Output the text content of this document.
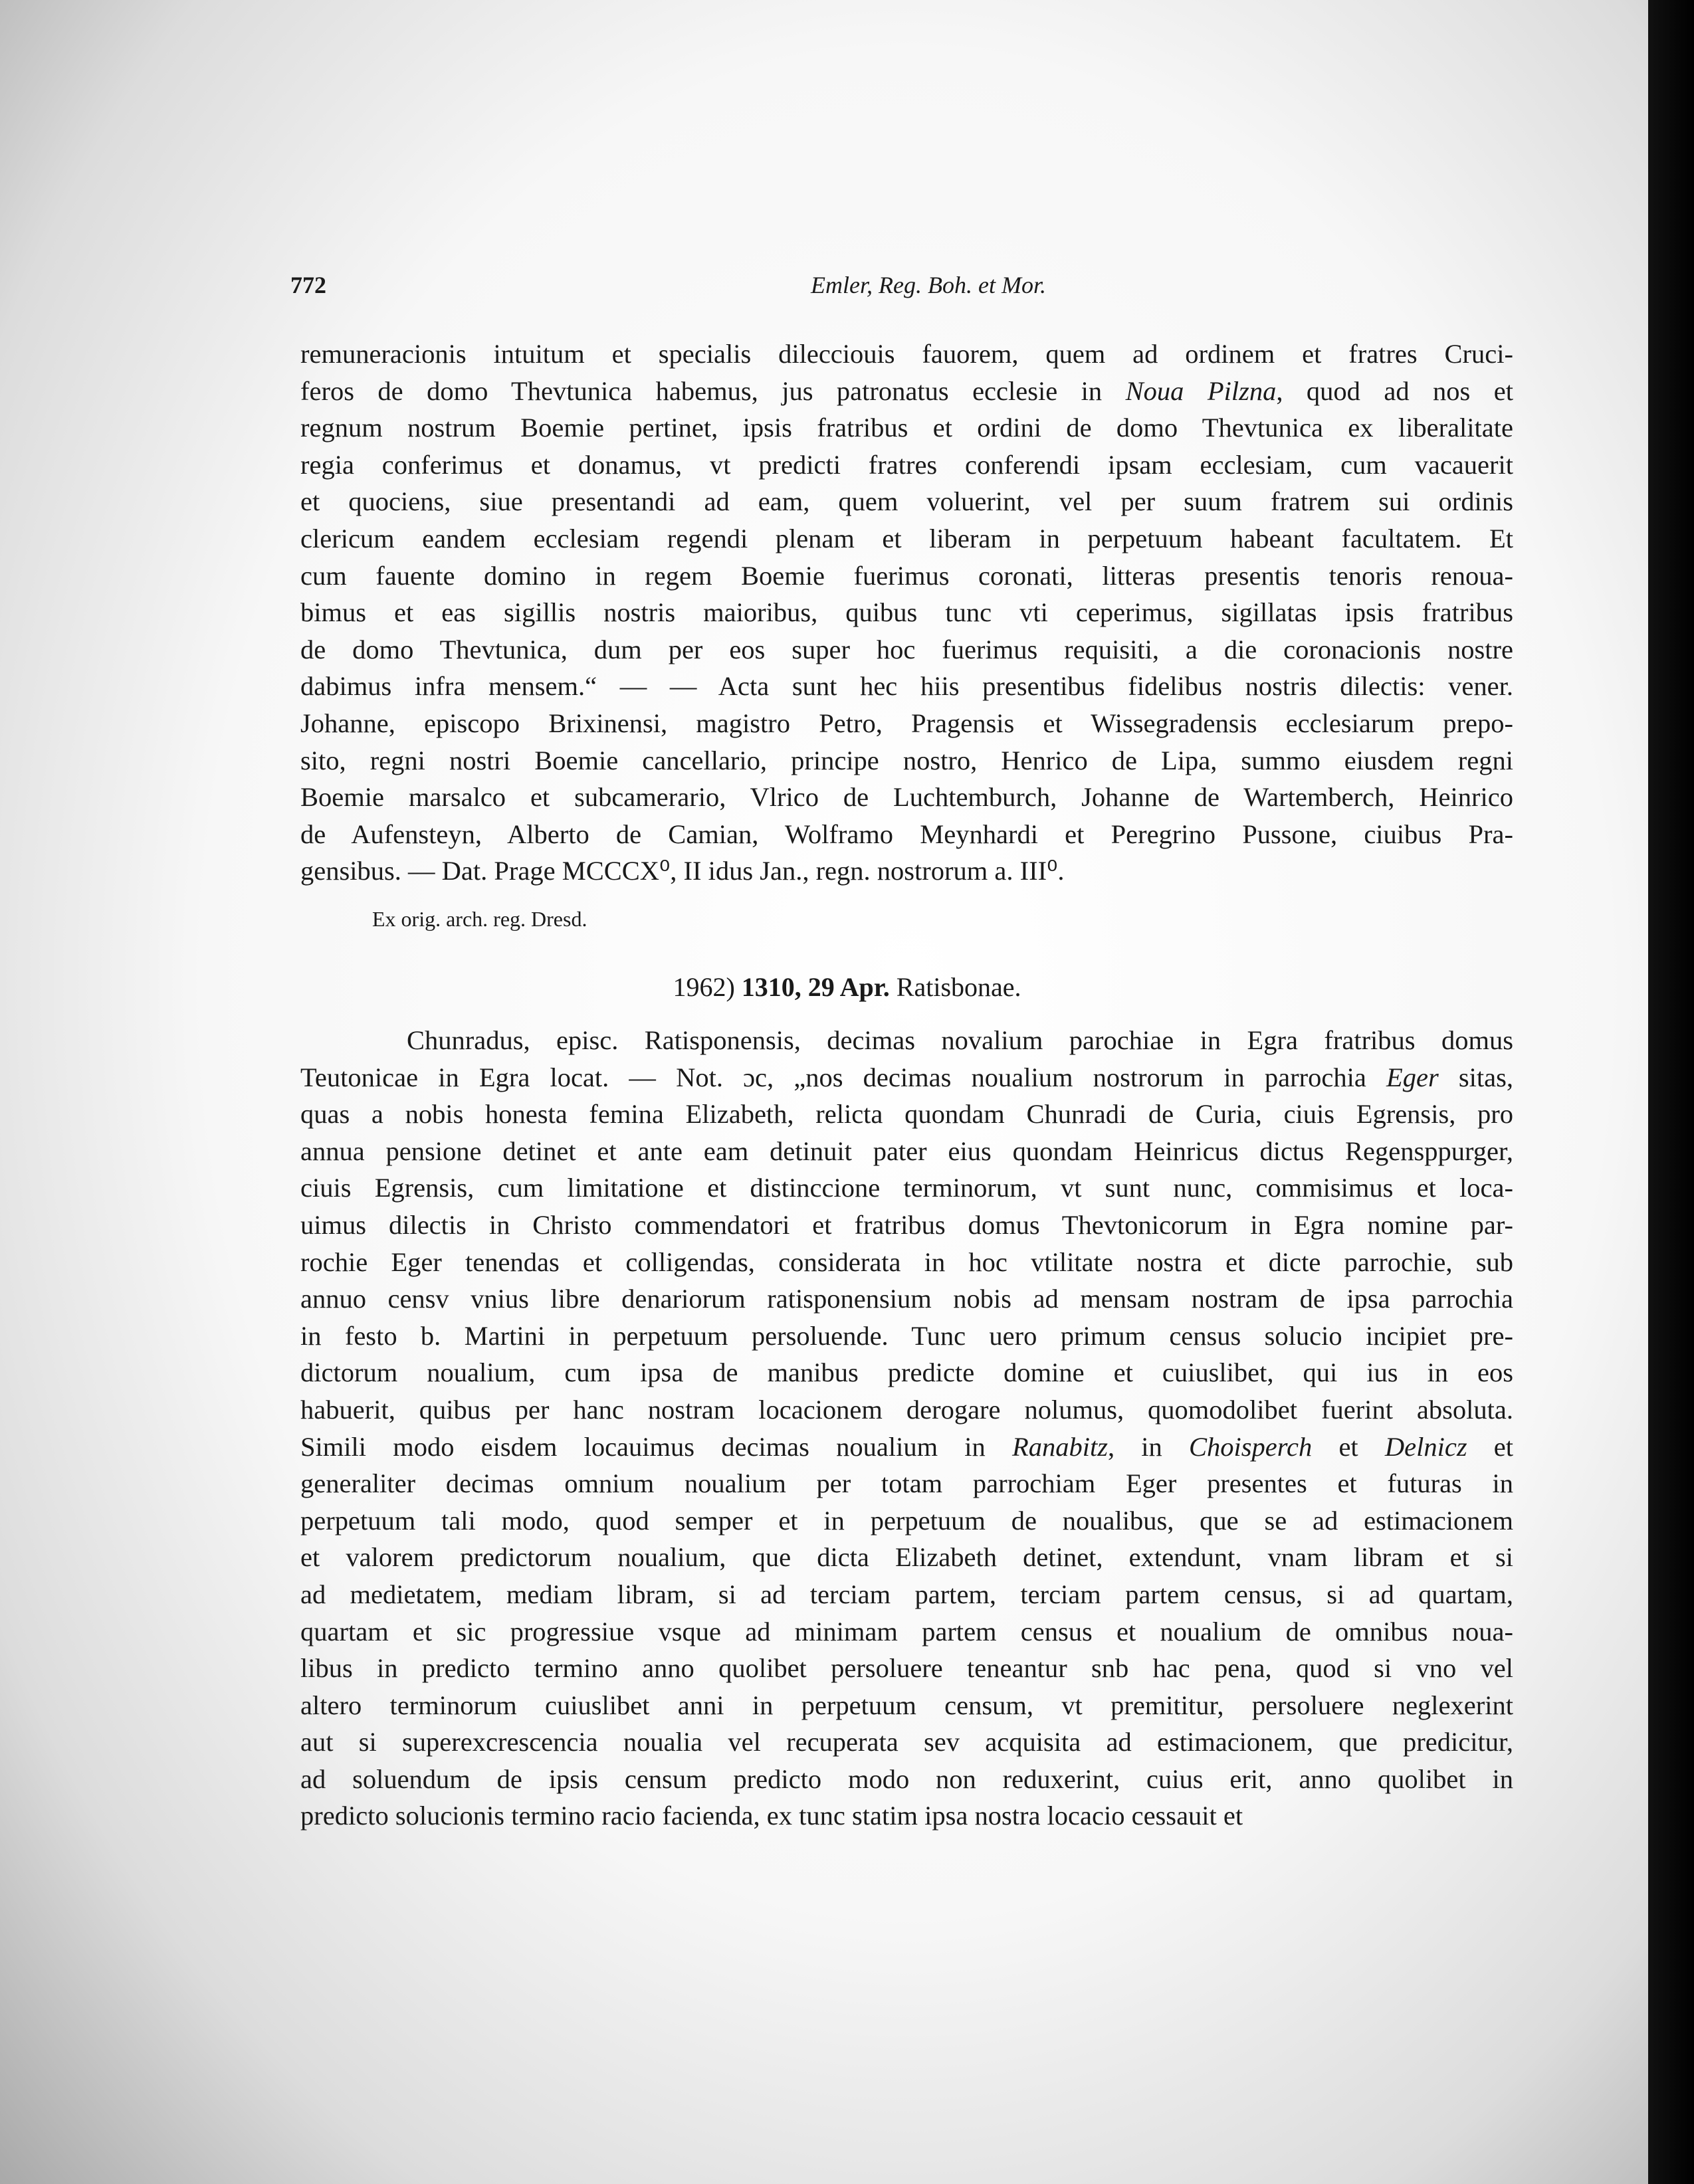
772	Emler, Reg. Boh. et Mor.
remuneracionis intuitum et specialis dilecciouis fauorem, quem ad ordinem et fratres Cruci-
feros de domo Thevtunica habemus, jus patronatus ecclesie in Noua Pilzna, quod ad nos et
regnum nostrum Boemie pertinet, ipsis fratribus et ordini de domo Thevtunica ex liberalitate
regia conferimus et donamus, vt predicti fratres conferendi ipsam ecclesiam, cum vacauerit
et quociens, siue presentandi ad eam, quem voluerint, vel per suum fratrem sui ordinis
clericum eandem ecclesiam regendi plenam et liberam in perpetuum habeant facultatem. Et
cum fauente domino in regem Boemie fuerimus coronati, litteras presentis tenoris renoua-
bimus et eas sigillis nostris maioribus, quibus tunc vti ceperimus, sigillatas ipsis fratribus
de domo Thevtunica, dum per eos super hoc fuerimus requisiti, a die coronacionis nostre
dabimus infra mensem.“ — — Acta sunt hec hiis presentibus fidelibus nostris dilectis: vener.
Johanne, episcopo Brixinensi, magistro Petro, Pragensis et Wissegradensis ecclesiarum prepo-
sito, regni nostri Boemie cancellario, principe nostro, Henrico de Lipa, summo eiusdem regni
Boemie marsalco et subcamerario, Vlrico de Luchtemburch, Johanne de Wartemberch, Heinrico
de Aufensteyn, Alberto de Camian, Wolframo Meynhardi et Peregrino Pussone, ciuibus Pra-
gensibus. — Dat. Prage MCCCX⁰, II idus Jan., regn. nostrorum a. III⁰.
Ex orig. arch. reg. Dresd.
1962) 1310, 29 Apr. Ratisbonae.
Chunradus, episc. Ratisponensis, decimas novalium parochiae in Egra fratribus domus
Teutonicae in Egra locat. — Not. ɔc, „nos decimas noualium nostrorum in parrochia Eger sitas,
quas a nobis honesta femina Elizabeth, relicta quondam Chunradi de Curia, ciuis Egrensis, pro
annua pensione detinet et ante eam detinuit pater eius quondam Heinricus dictus Regensppurger,
ciuis Egrensis, cum limitatione et distinccione terminorum, vt sunt nunc, commisimus et loca-
uimus dilectis in Christo commendatori et fratribus domus Thevtonicorum in Egra nomine par-
rochie Eger tenendas et colligendas, considerata in hoc vtilitate nostra et dicte parrochie, sub
annuo censv vnius libre denariorum ratisponensium nobis ad mensam nostram de ipsa parrochia
in festo b. Martini in perpetuum persoluende. Tunc uero primum census solucio incipiet pre-
dictorum noualium, cum ipsa de manibus predicte domine et cuiuslibet, qui ius in eos
habuerit, quibus per hanc nostram locacionem derogare nolumus, quomodolibet fuerint absoluta.
Simili modo eisdem locauimus decimas noualium in Ranabitz, in Choisperch et Delnicz et
generaliter decimas omnium noualium per totam parrochiam Eger presentes et futuras in
perpetuum tali modo, quod semper et in perpetuum de noualibus, que se ad estimacionem
et valorem predictorum noualium, que dicta Elizabeth detinet, extendunt, vnam libram et si
ad medietatem, mediam libram, si ad terciam partem, terciam partem census, si ad quartam,
quartam et sic progressiue vsque ad minimam partem census et noualium de omnibus noua-
libus in predicto termino anno quolibet persoluere teneantur snb hac pena, quod si vno vel
altero terminorum cuiuslibet anni in perpetuum censum, vt premititur, persoluere neglexerint
aut si superexcrescencia noualia vel recuperata sev acquisita ad estimacionem, que predicitur,
ad soluendum de ipsis censum predicto modo non reduxerint, cuius erit, anno quolibet in
predicto solucionis termino racio facienda, ex tunc statim ipsa nostra locacio cessauit et
